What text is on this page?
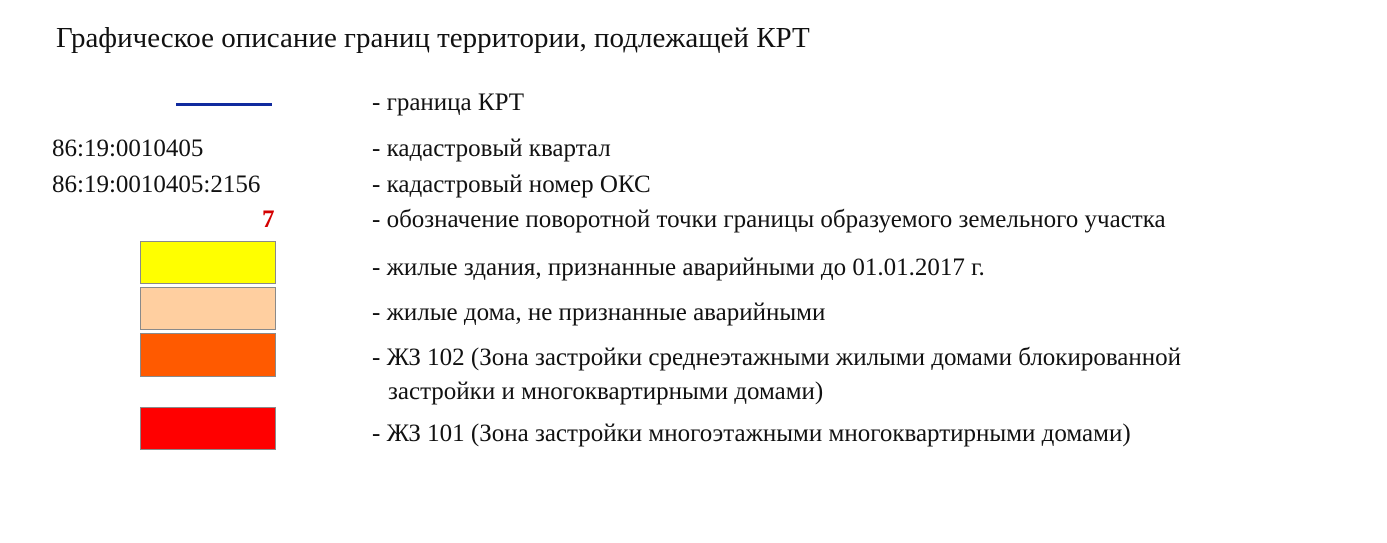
Графическое описание границ территории, подлежащей КРТ
- граница КРТ
86:19:0010405	- кадастровый квартал
86:19:0010405:2156	- кадастровый номер ОКС
7	- обозначение поворотной точки границы образуемого земельного участка
- жилые здания, признанные аварийными до 01.01.2017 г.
- жилые дома, не признанные аварийными
- ЖЗ 102 (Зона застройки среднеэтажными жилыми домами блокированной
застройки и многоквартирными домами)
- ЖЗ 101 (Зона застройки многоэтажными многоквартирными домами)
